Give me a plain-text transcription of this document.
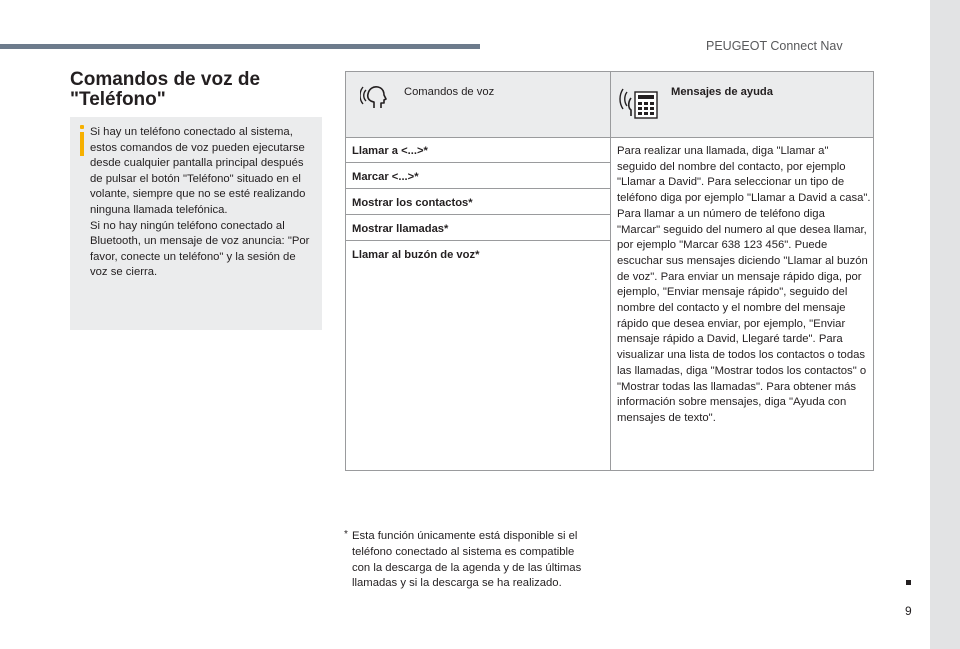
PEUGEOT Connect Nav
9
Comandos de voz de "Teléfono"

Si hay un teléfono conectado al sistema, estos comandos de voz pueden ejecutarse desde cualquier pantalla principal después de pulsar el botón "Teléfono" situado en el volante, siempre que no se esté realizando ninguna llamada telefónica.

Si no hay ningún teléfono conectado al Bluetooth, un mensaje de voz anuncia: "Por favor, conecte un teléfono" y la sesión de voz se cierra.

Comandos de voz	Mensajes de ayuda
Llamar a <...>*
Marcar <...>*
Mostrar los contactos*
Mostrar llamadas*
Llamar al buzón de voz*
Para realizar una llamada, diga "Llamar a" seguido del nombre del contacto, por ejemplo "Llamar a David". Para seleccionar un tipo de teléfono diga por ejemplo "Llamar a David a casa". Para llamar a un número de teléfono diga "Marcar" seguido del numero al que desea llamar, por ejemplo "Marcar 638 123 456". Puede escuchar sus mensajes diciendo "Llamar al buzón de voz". Para enviar un mensaje rápido diga, por ejemplo, "Enviar mensaje rápido", seguido del nombre del contacto y el nombre del mensaje rápido que desea enviar, por ejemplo, "Enviar mensaje rápido a David, Llegaré tarde". Para visualizar una lista de todos los contactos o todas las llamadas, diga "Mostrar todos los contactos" o "Mostrar todas las llamadas". Para obtener más información sobre mensajes, diga "Ayuda con mensajes de texto".
* Esta función únicamente está disponible si el teléfono conectado al sistema es compatible con la descarga de la agenda y de las últimas llamadas y si la descarga se ha realizado.
